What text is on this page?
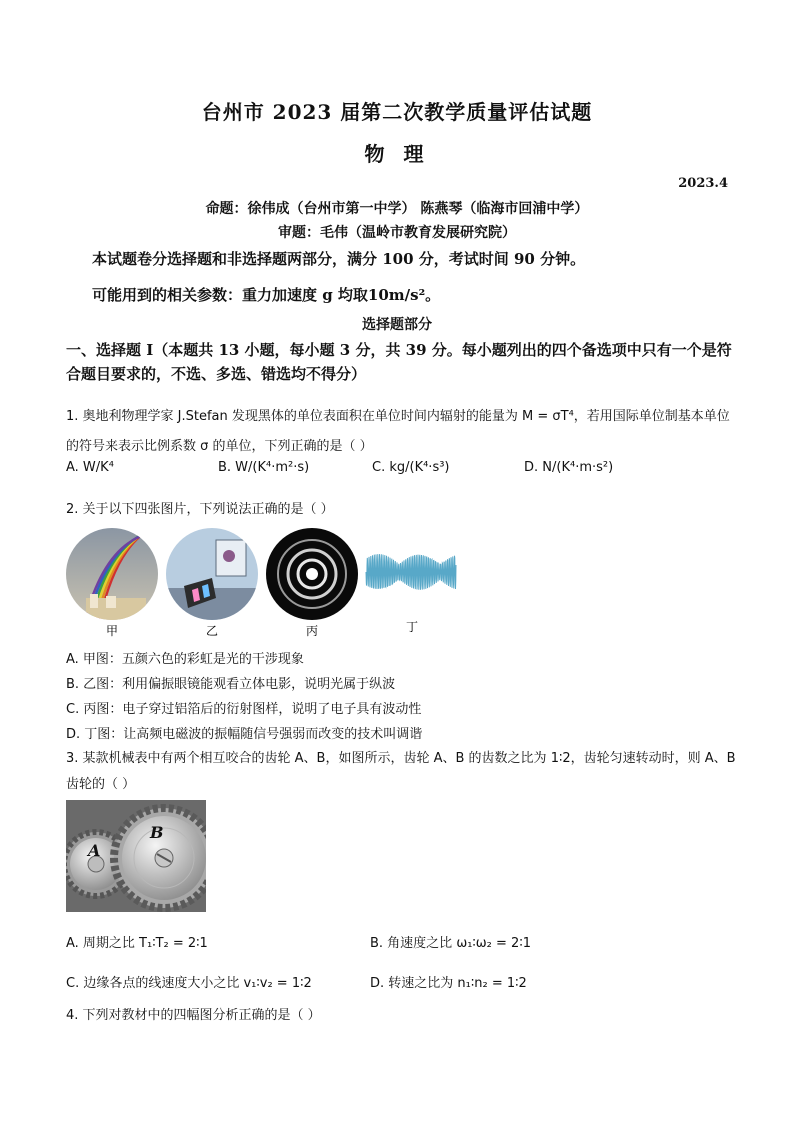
台州市 2023 届第二次教学质量评估试题
物 理
2023.4
命题：徐伟成（台州市第一中学） 陈燕琴（临海市回浦中学）
审题：毛伟（温岭市教育发展研究院）
本试题卷分选择题和非选择题两部分，满分 100 分，考试时间 90 分钟。
可能用到的相关参数：重力加速度 g 均取10m/s²。
选择题部分
一、选择题 I（本题共 13 小题，每小题 3 分，共 39 分。每小题列出的四个备选项中只有一个是符合题目要求的，不选、多选、错选均不得分）
1. 奥地利物理学家 J.Stefan 发现黑体的单位表面积在单位时间内辐射的能量为 M = σT⁴，若用国际单位制基本单位的符号来表示比例系数 σ 的单位，下列正确的是（ ）
A. W/K⁴	B. W/(K⁴·m²·s)	C. kg/(K⁴·s³)	D. N/(K⁴·m·s²)
2. 关于以下四张图片，下列说法正确的是（ ）
甲	乙	丙	丁
A. 甲图：五颜六色的彩虹是光的干涉现象
B. 乙图：利用偏振眼镜能观看立体电影，说明光属于纵波
C. 丙图：电子穿过铝箔后的衍射图样，说明了电子具有波动性
D. 丁图：让高频电磁波的振幅随信号强弱而改变的技术叫调谐
3. 某款机械表中有两个相互咬合的齿轮 A、B，如图所示，齿轮 A、B 的齿数之比为 1∶2，齿轮匀速转动时，则 A、B 齿轮的（ ）
A
B
A. 周期之比 T₁∶T₂ = 2∶1	B. 角速度之比 ω₁∶ω₂ = 2∶1
C. 边缘各点的线速度大小之比 v₁∶v₂ = 1∶2	D. 转速之比为 n₁∶n₂ = 1∶2
4. 下列对教材中的四幅图分析正确的是（ ）
